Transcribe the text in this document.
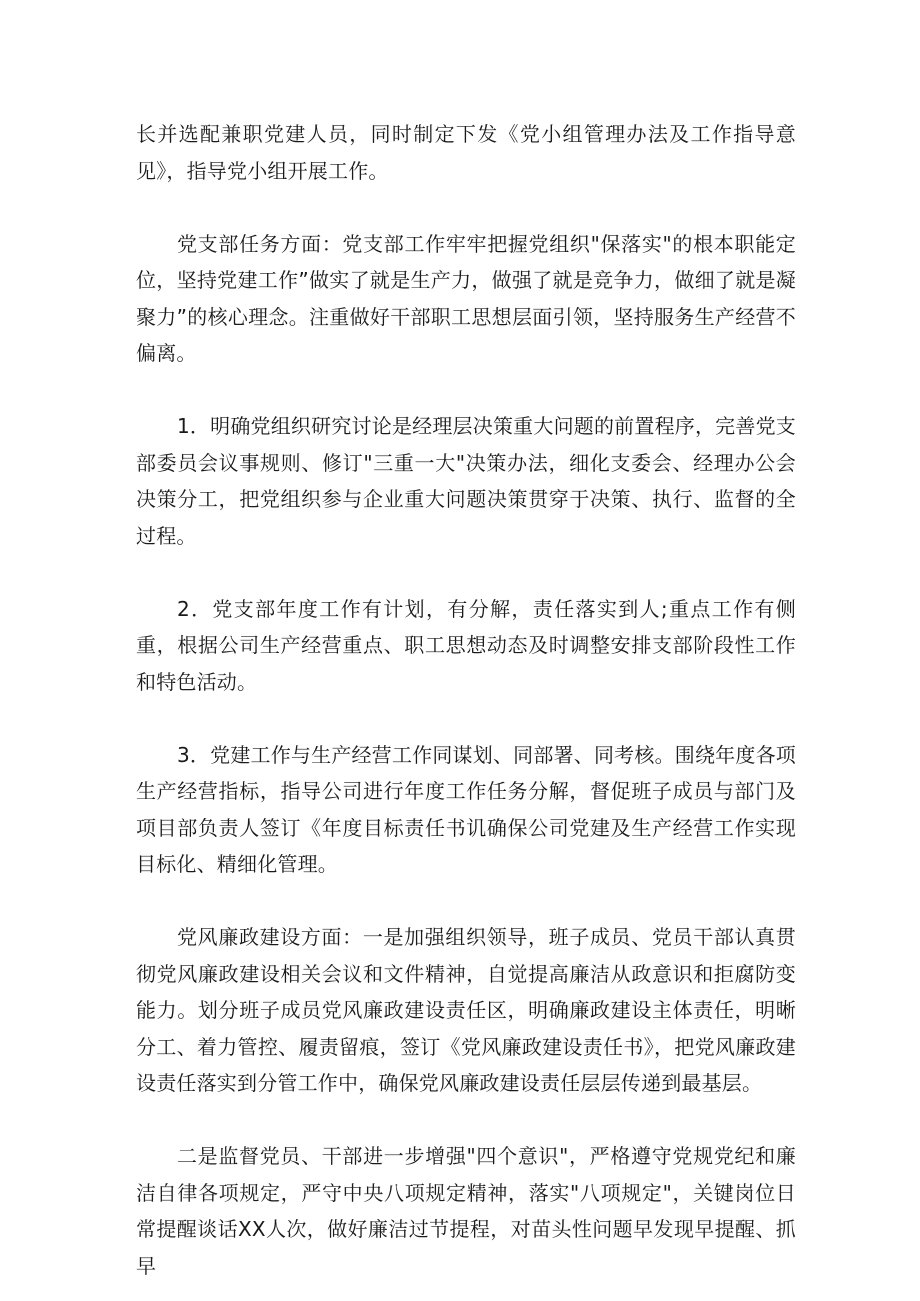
长并选配兼职党建人员，同时制定下发《党小组管理办法及工作指导意见》，指导党小组开展工作。

党支部任务方面：党支部工作牢牢把握党组织"保落实"的根本职能定位，坚持党建工作”做实了就是生产力，做强了就是竞争力，做细了就是凝聚力”的核心理念。注重做好干部职工思想层面引领，坚持服务生产经营不偏离。

1．明确党组织研究讨论是经理层决策重大问题的前置程序，完善党支部委员会议事规则、修订"三重一大"决策办法，细化支委会、经理办公会决策分工，把党组织参与企业重大问题决策贯穿于决策、执行、监督的全过程。

2．党支部年度工作有计划，有分解，责任落实到人;重点工作有侧重，根据公司生产经营重点、职工思想动态及时调整安排支部阶段性工作和特色活动。

3．党建工作与生产经营工作同谋划、同部署、同考核。围绕年度各项生产经营指标，指导公司进行年度工作任务分解，督促班子成员与部门及项目部负责人签订《年度目标责任书讥确保公司党建及生产经营工作实现目标化、精细化管理。

党风廉政建设方面：一是加强组织领导，班子成员、党员干部认真贯彻党风廉政建设相关会议和文件精神，自觉提高廉洁从政意识和拒腐防变能力。划分班子成员党风廉政建设责任区，明确廉政建设主体责任，明晰分工、着力管控、履责留痕，签订《党风廉政建设责任书》，把党风廉政建设责任落实到分管工作中，确保党风廉政建设责任层层传递到最基层。

二是监督党员、干部进一步增强"四个意识"，严格遵守党规党纪和廉洁自律各项规定，严守中央八项规定精神，落实"八项规定"，关键岗位日常提醒谈话XX人次，做好廉洁过节提程，对苗头性问题早发现早提醒、抓早
